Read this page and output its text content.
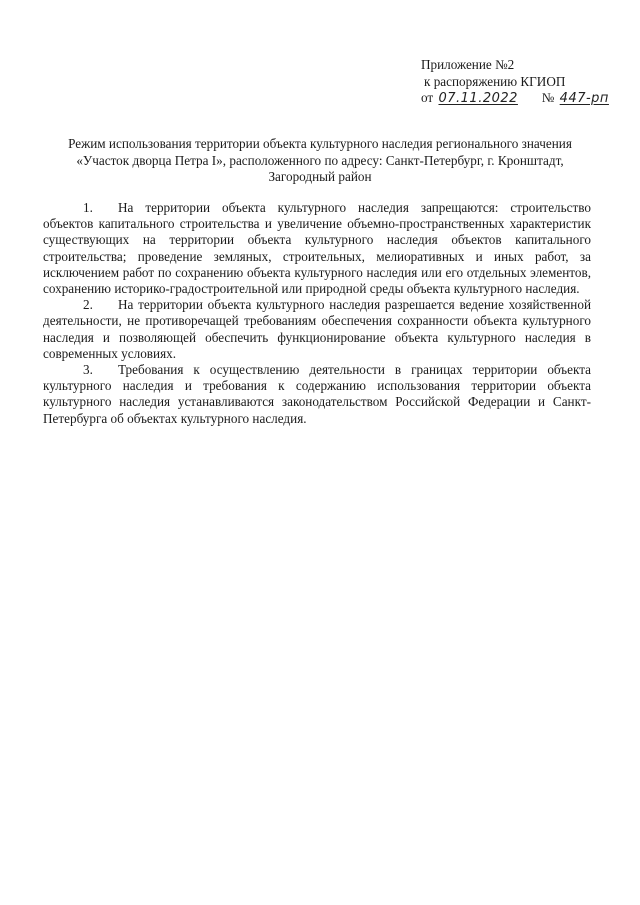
Приложение №2
к распоряжению КГИОП
от 07.11.2022 № 447-рп
Режим использования территории объекта культурного наследия регионального значения
«Участок дворца Петра I», расположенного по адресу: Санкт-Петербург, г. Кронштадт,
Загородный район

1. На территории объекта культурного наследия запрещаются: строительство объектов капитального строительства и увеличение объемно-пространственных характеристик существующих на территории объекта культурного наследия объектов капитального строительства; проведение земляных, строительных, мелиоративных и иных работ, за исключением работ по сохранению объекта культурного наследия или его отдельных элементов, сохранению историко-градостроительной или природной среды объекта культурного наследия.

2. На территории объекта культурного наследия разрешается ведение хозяйственной деятельности, не противоречащей требованиям обеспечения сохранности объекта культурного наследия и позволяющей обеспечить функционирование объекта культурного наследия в современных условиях.

3. Требования к осуществлению деятельности в границах территории объекта культурного наследия и требования к содержанию использования территории объекта культурного наследия устанавливаются законодательством Российской Федерации и Санкт-Петербурга об объектах культурного наследия.
